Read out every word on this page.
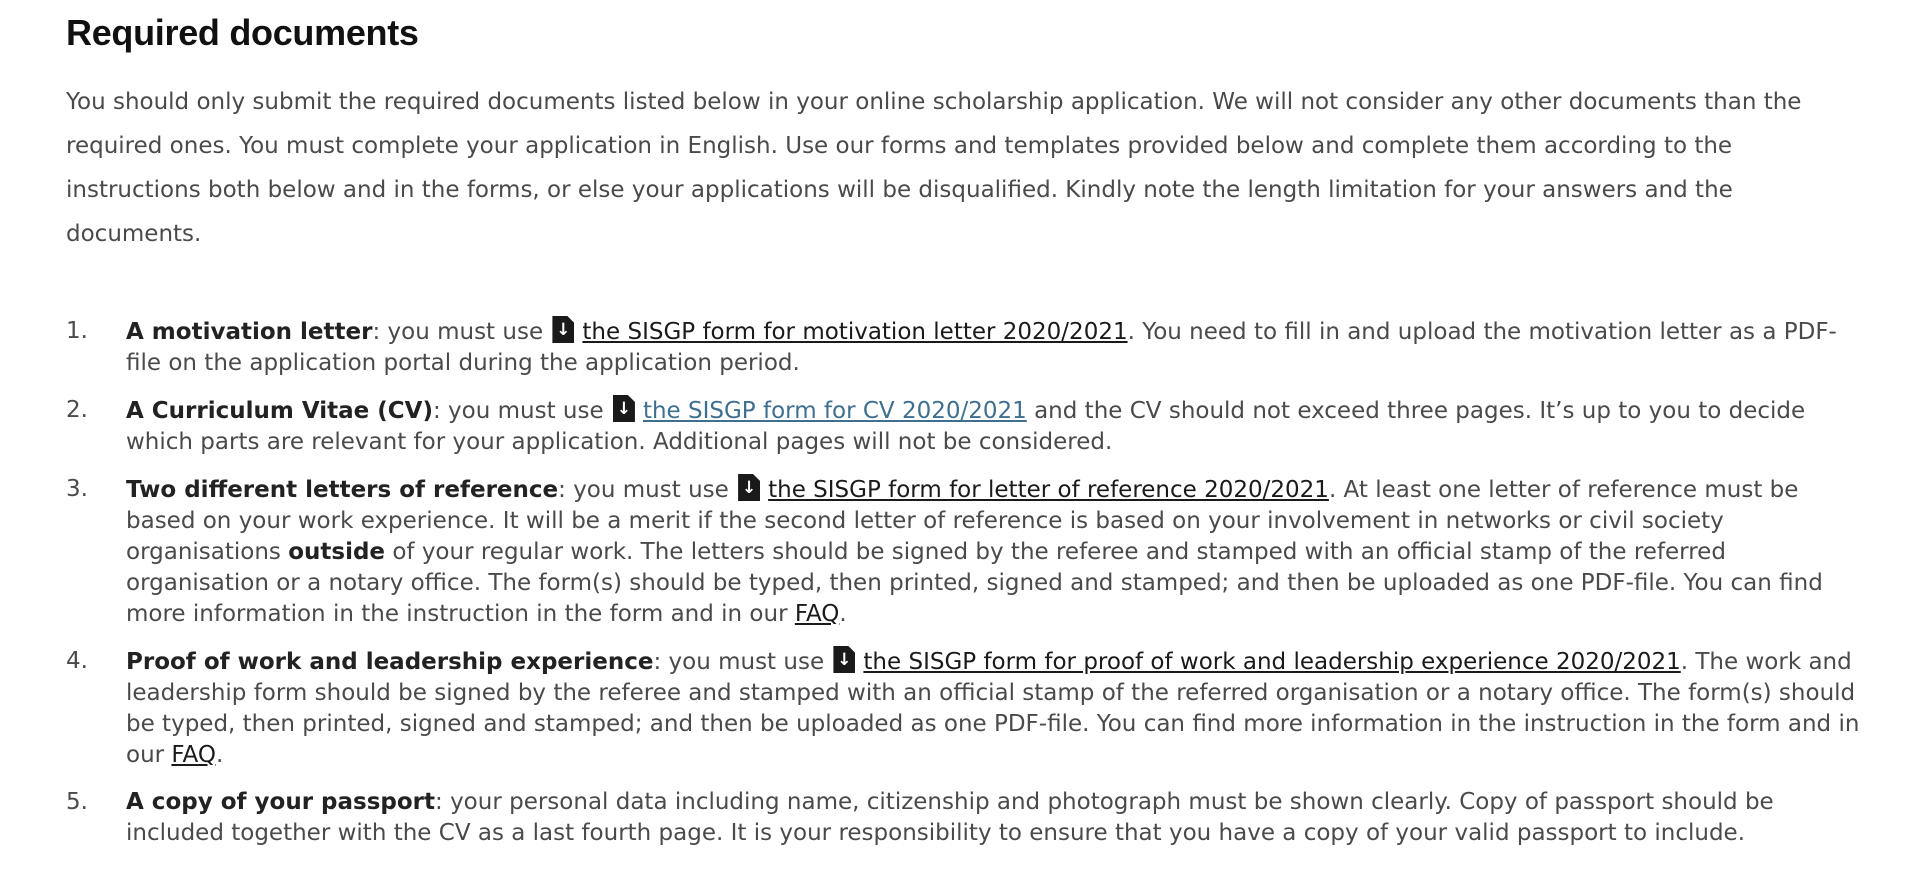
Required documents

You should only submit the required documents listed below in your online scholarship application. We will not consider any other documents than the required ones. You must complete your application in English. Use our forms and templates provided below and complete them according to the instructions both below and in the forms, or else your applications will be disqualified. Kindly note the length limitation for your answers and the documents.

1. A motivation letter: you must use ↓the SISGP form for motivation letter 2020/2021. You need to fill in and upload the motivation letter as a PDF-file on the application portal during the application period.
2. A Curriculum Vitae (CV): you must use ↓the SISGP form for CV 2020/2021 and the CV should not exceed three pages. It’s up to you to decide which parts are relevant for your application. Additional pages will not be considered.
3. Two different letters of reference: you must use ↓the SISGP form for letter of reference 2020/2021. At least one letter of reference must be based on your work experience. It will be a merit if the second letter of reference is based on your involvement in networks or civil society organisations outside of your regular work. The letters should be signed by the referee and stamped with an official stamp of the referred organisation or a notary office. The form(s) should be typed, then printed, signed and stamped; and then be uploaded as one PDF-file. You can find more information in the instruction in the form and in our FAQ.
4. Proof of work and leadership experience: you must use ↓the SISGP form for proof of work and leadership experience 2020/2021. The work and leadership form should be signed by the referee and stamped with an official stamp of the referred organisation or a notary office. The form(s) should be typed, then printed, signed and stamped; and then be uploaded as one PDF-file. You can find more information in the instruction in the form and in our FAQ.
5. A copy of your passport: your personal data including name, citizenship and photograph must be shown clearly. Copy of passport should be included together with the CV as a last fourth page. It is your responsibility to ensure that you have a copy of your valid passport to include.
